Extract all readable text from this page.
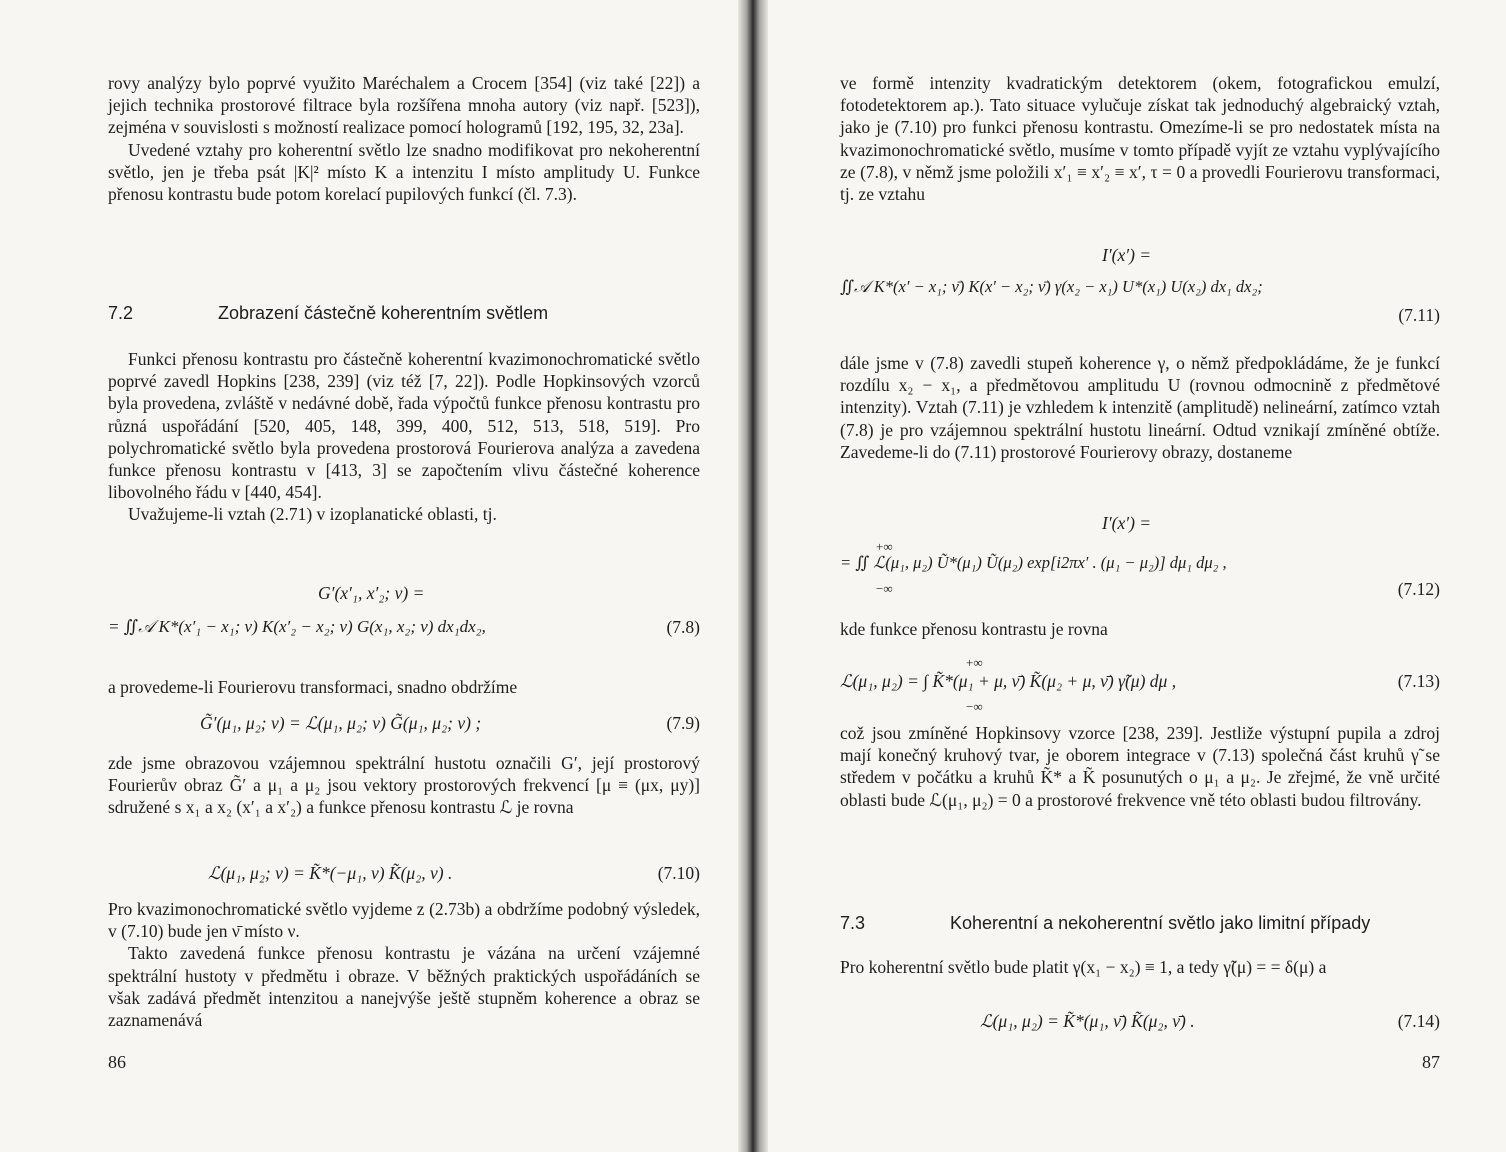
rovy analýzy bylo poprvé využito Maréchalem a Crocem [354] (viz také [22]) a jejich technika prostorové filtrace byla rozšířena mnoha autory (viz např. [523]), zejména v souvislosti s možností realizace pomocí hologramů [192, 195, 32, 23a].

Uvedené vztahy pro koherentní světlo lze snadno modifikovat pro nekoherentní světlo, jen je třeba psát |K|² místo K a intenzitu I místo amplitudy U. Funkce přenosu kontrastu bude potom korelací pupilových funkcí (čl. 7.3).

7.2	Zobrazení částečně koherentním světlem

Funkci přenosu kontrastu pro částečně koherentní kvazimonochromatické světlo poprvé zavedl Hopkins [238, 239] (viz též [7, 22]). Podle Hopkinsových vzorců byla provedena, zvláště v nedávné době, řada výpočtů funkce přenosu kontrastu pro různá uspořádání [520, 405, 148, 399, 400, 512, 513, 518, 519]. Pro polychromatické světlo byla provedena prostorová Fourierova analýza a zavedena funkce přenosu kontrastu v [413, 3] se započtením vlivu částečné koherence libovolného řádu v [440, 454].

Uvažujeme-li vztah (2.71) v izoplanatické oblasti, tj.

G′(x′₁, x′₂; ν) =
= ∬𝒜 K*(x′₁ − x₁; ν) K(x′₂ − x₂; ν) G(x₁, x₂; ν) dx₁dx₂,	(7.8)

a provedeme-li Fourierovu transformaci, snadno obdržíme

G̃′(μ₁, μ₂; ν) = ℒ(μ₁, μ₂; ν) G̃(μ₁, μ₂; ν) ;	(7.9)

zde jsme obrazovou vzájemnou spektrální hustotu označili G′, její prostorový Fourierův obraz G̃′ a μ₁ a μ₂ jsou vektory prostorových frekvencí [μ ≡ (μx, μy)] sdružené s x₁ a x₂ (x′₁ a x′₂) a funkce přenosu kontrastu ℒ je rovna

ℒ(μ₁, μ₂; ν) = K̃*(−μ₁, ν) K̃(μ₂, ν) .	(7.10)

Pro kvazimonochromatické světlo vyjdeme z (2.73b) a obdržíme podobný výsledek, v (7.10) bude jen ν̄ místo ν.

Takto zavedená funkce přenosu kontrastu je vázána na určení vzájemné spektrální hustoty v předmětu i obraze. V běžných praktických uspořádáních se však zadává předmět intenzitou a nanejvýše ještě stupněm koherence a obraz se zaznamenává

86

ve formě intenzity kvadratickým detektorem (okem, fotografickou emulzí, fotodetektorem ap.). Tato situace vylučuje získat tak jednoduchý algebraický vztah, jako je (7.10) pro funkci přenosu kontrastu. Omezíme-li se pro nedostatek místa na kvazimonochromatické světlo, musíme v tomto případě vyjít ze vztahu vyplývajícího ze (7.8), v němž jsme položili x′₁ ≡ x′₂ ≡ x′, τ = 0 a provedli Fourierovu transformaci, tj. ze vztahu

I′(x′) =
∬𝒜 K*(x′ − x₁; ν̄) K(x′ − x₂; ν̄) γ(x₂ − x₁) U*(x₁) U(x₂) dx₁ dx₂;
(7.11)

dále jsme v (7.8) zavedli stupeň koherence γ, o němž předpokládáme, že je funkcí rozdílu x₂ − x₁, a předmětovou amplitudu U (rovnou odmocnině z předmětové intenzity). Vztah (7.11) je vzhledem k intenzitě (amplitudě) nelineární, zatímco vztah (7.8) je pro vzájemnou spektrální hustotu lineární. Odtud vznikají zmíněné obtíže. Zavedeme-li do (7.11) prostorové Fourierovy obrazy, dostaneme

I′(x′) =
+∞
= ∬ ℒ(μ₁, μ₂) Ũ*(μ₁) Ũ(μ₂) exp[i2πx′ . (μ₁ − μ₂)] dμ₁ dμ₂ ,
−∞	(7.12)

kde funkce přenosu kontrastu je rovna

+∞
ℒ(μ₁, μ₂) = ∫ K̃*(μ₁ + μ, ν̄) K̃(μ₂ + μ, ν̄) γ̃(μ) dμ ,	(7.13)
−∞

což jsou zmíněné Hopkinsovy vzorce [238, 239]. Jestliže výstupní pupila a zdroj mají konečný kruhový tvar, je oborem integrace v (7.13) společná část kruhů γ̃ se středem v počátku a kruhů K̃* a K̃ posunutých o μ₁ a μ₂. Je zřejmé, že vně určité oblasti bude ℒ(μ₁, μ₂) = 0 a prostorové frekvence vně této oblasti budou filtrovány.

7.3	Koherentní a nekoherentní světlo jako limitní případy

Pro koherentní světlo bude platit γ(x₁ − x₂) ≡ 1, a tedy γ̃(μ) = = δ(μ) a

ℒ(μ₁, μ₂) = K̃*(μ₁, ν̄) K̃(μ₂, ν̄) .	(7.14)
87
